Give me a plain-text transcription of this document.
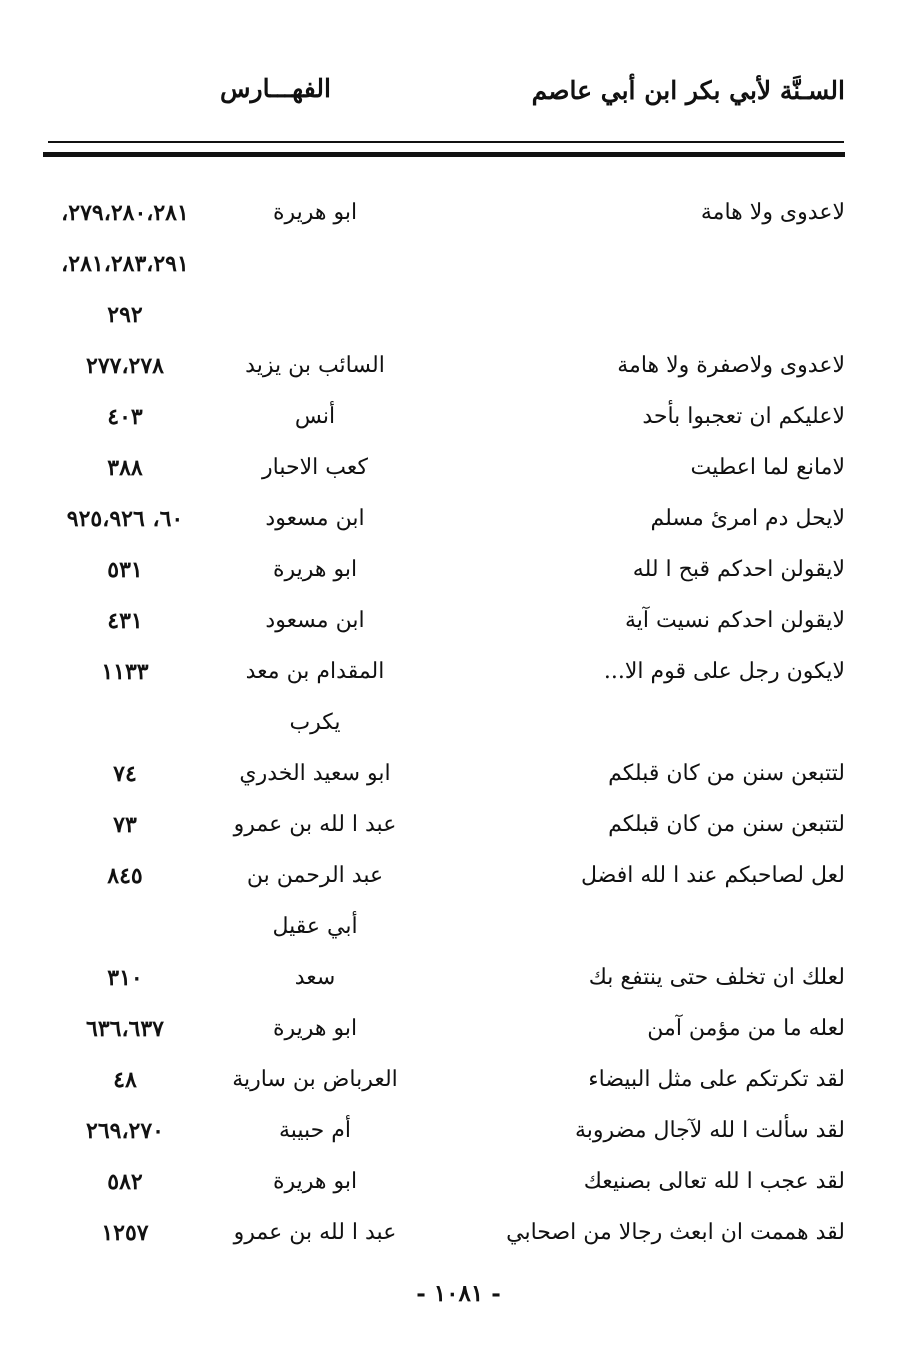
السـنَّة لأبي بكر ابن أبي عاصم
الفهـــارس
لاعدوى ولا هامة
ابو هريرة
٢٧٩،٢٨٠،٢٨١،
٢٨١،٢٨٣،٢٩١،
٢٩٢
لاعدوى ولاصفرة ولا هامة
السائب بن يزيد
٢٧٧،٢٧٨
لاعليكم ان تعجبوا بأحد
أنس
٤٠٣
لامانع لما اعطيت
كعب الاحبار
٣٨٨
لايحل دم امرئ مسلم
ابن مسعود
٦٠، ٩٢٥،٩٢٦
لايقولن احدكم قبح ا لله
ابو هريرة
٥٣١
لايقولن احدكم نسيت آية
ابن مسعود
٤٣١
لايكون رجل على قوم الا...
المقدام بن معد
١١٣٣
يكرب
لتتبعن سنن من كان قبلكم
ابو سعيد الخدري
٧٤
لتتبعن سنن من كان قبلكم
عبد ا لله بن عمرو
٧٣
لعل لصاحبكم عند ا لله افضل
عبد الرحمن بن
٨٤٥
أبي عقيل
لعلك ان تخلف حتى ينتفع بك
سعد
٣١٠
لعله ما من مؤمن آمن
ابو هريرة
٦٣٦،٦٣٧
لقد تكرتكم على مثل البيضاء
العرباض بن سارية
٤٨
لقد سألت ا لله لآجال مضروبة
أم حبيبة
٢٦٩،٢٧٠
لقد عجب ا لله تعالى بصنيعك
ابو هريرة
٥٨٢
لقد هممت ان ابعث رجالا من اصحابي
عبد ا لله بن عمرو
١٢٥٧
- ١٠٨١ -
